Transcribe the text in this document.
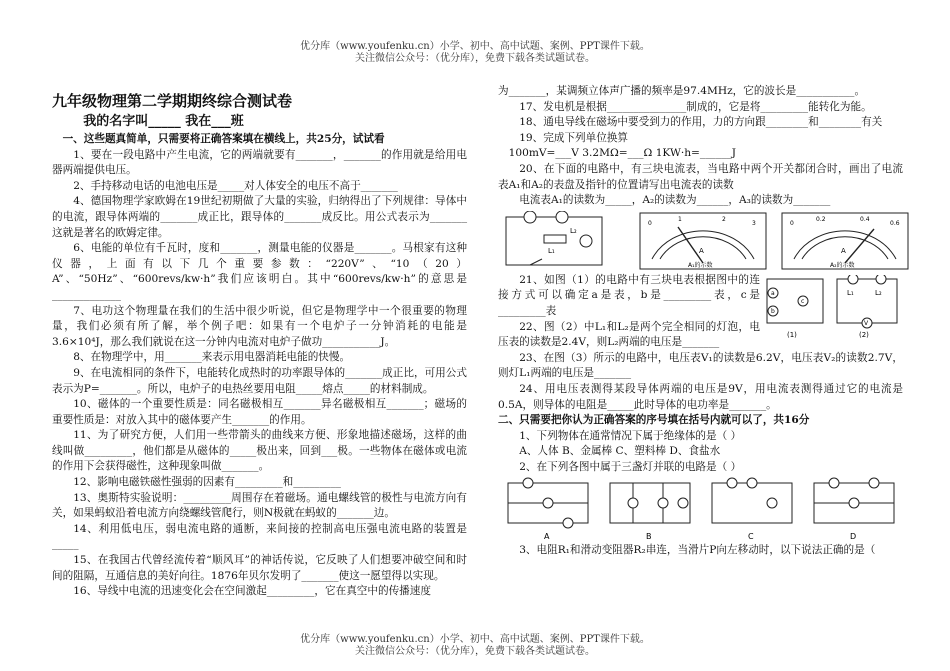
优分库（www.youfenku.cn）小学、初中、高中试题、案例、PPT课件下载。
关注微信公众号：（优分库），免费下载各类试题试卷。

九年级物理第二学期期终综合测试卷

我的名字叫_____ 我在___班

一、这些题真简单，只需要将正确答案填在横线上，共25分，试试看

1、要在一段电路中产生电流，它的两端就要有_______，_______的作用就是给用电器两端提供电压。

2、手持移动电话的电池电压是_____对人体安全的电压不高于_______

4、德国物理学家欧姆在19世纪初期做了大量的实验，归纳得出了下列规律：导体中的电流，跟导体两端的_______成正比，跟导体的_______成反比。用公式表示为_______这就是著名的欧姆定律。

6、电能的单位有千瓦时，度和_______，测量电能的仪器是_______。马根家有这种仪器，上面有以下几个重要参数：“220V”、“10（20）A”、“50Hz”、“600revs/kw·h”我们应该明白。其中“600revs/kw·h”的意思是_____________

7、电功这个物理量在我们的生活中很少听说，但它是物理学中一个很重要的物理量，我们必须有所了解，举个例子吧：如果有一个电炉子一分钟消耗的电能是3.6×10⁴J，那么我们就说在这一分钟内电流对电炉子做功___________J。

8、在物理学中，用_______来表示用电器消耗电能的快慢。

9、在电流相同的条件下，电能转化成热时的功率跟导体的_______成正比，可用公式表示为P=_______。所以，电炉子的电热丝要用电阻_____熔点_____的材料制成。

10、磁体的一个重要性质是：同名磁极相互_______异名磁极相互_______；磁场的重要性质是：对放入其中的磁体要产生_______的作用。

11、为了研究方便，人们用一些带箭头的曲线来方便、形象地描述磁场，这样的曲线叫做_________，他们都是从磁体的_____极出来，回到___极。一些物体在磁体或电流的作用下会获得磁性，这种现象叫做_______。

12、影响电磁铁磁性强弱的因素有_________和_________

13、奥斯特实验说明：_________周围存在着磁场。通电螺线管的极性与电流方向有关，如果蚂蚁沿着电流方向绕螺线管爬行，则N极就在蚂蚁的_______边。

14、利用低电压，弱电流电路的通断，来间接的控制高电压强电流电路的装置是_____

15、在我国古代曾经流传着“顺风耳”的神话传说，它反映了人们想要冲破空间和时间的阻隔，互通信息的美好向往。1876年贝尔发明了_______使这一愿望得以实现。

16、导线中电流的迅速变化会在空间激起_________，它在真空中的传播速度

为_______，某调频立体声广播的频率是97.4MHz，它的波长是___________。

17、发电机是根据_______________制成的，它是将_________能转化为能。

18、通电导线在磁场中要受到力的作用，力的方向跟________和________有关

19、完成下列单位换算

100mV=___V 3.2MΩ=___Ω 1KW·h=______J

20、在下面的电路中，有三块电流表，当电路中两个开关都闭合时，画出了电流表A₁和A₂的表盘及指针的位置请写出电流表的读数

电流表A₁的读数为_____，A₂的读数为______，A₃的读数为_______

L₁
L₂
0
1	2
3
A
A₁的示数
0
0.2	0.4
0.6
A
A₂的示数

21、如图（1）的电路中有三块电表根据图中的连接方式可以确定a是表，b是_________表，c是_________表

22、图（2）中L₁和L₂是两个完全相同的灯泡，电压表的读数是2.4V，则L₂两端的电压是_______

a
b
c
(1)
V
L₁	L₂
(2)

23、在图（3）所示的电路中，电压表V₁的读数是6.2V，电压表V₂的读数2.7V，则灯L₁两端的电压是_______

24、用电压表测得某段导体两端的电压是9V，用电流表测得通过它的电流是0.5A，则导体的电阻是_____此时导体的电功率是_______。

二、只需要把你认为正确答案的序号填在括号内就可以了，共16分

1、下列物体在通常情况下属于绝缘体的是（ ）

A、人体 B、金属棒 C、塑料棒 D、食盐水

2、在下列各图中属于三盏灯并联的电路是（ ）

A	B	C	D

3、电阻R₁和滑动变阻器R₂串连，当滑片P向左移动时，以下说法正确的是（

优分库（www.youfenku.cn）小学、初中、高中试题、案例、PPT课件下载。
关注微信公众号：（优分库），免费下载各类试题试卷。
